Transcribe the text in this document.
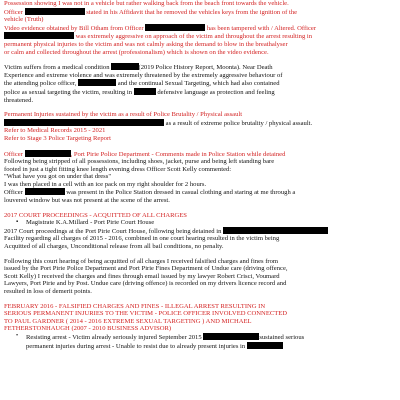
Possession showing I was not in a vehicle but rather walking back from the beach front towards the vehicle.

Officer	stated in his Affidavit that he removed the vehicles keys from the ignition of the

vehicle (Truth)

Video evidence obtained by Bill Otham from Officer	has been tampered with / Altered. Officer

was extremely aggressive on approach of the victim and throughout the arrest resulting in

permanent physical injuries to the victim and was not calmly asking the demand to blow in the breathalyser

or calm and collected throughout the arrest (professionalism) which is shown on the video evidence.

Victim suffers from a medical condition	(2019 Police History Report, Moonta). Near Death

Experience and extreme violence and was extremely threatened by the extremely aggressive behaviour of

the attending police officer,	and the continual Sexual Targeting, which had also contained

police as sexual targeting the victim, resulting in	defensive language as protection and feeling

threatened.

Permanent Injuries sustained by the victim as a result of Police Brutality / Physical assault

as a result of extreme police brutality / physical assault.

Refer to Medical Records 2015 - 2021

Refer to Stage 3 Police Targeting Report

Officer	, Port Pirie Police Department - Comments made in Police Station while detained

Following being stripped of all possessions, including shoes, jacket, purse and being left standing bare

footed in just a tight fitting knee length evening dress Officer Scott Kelly commented:

"What have you got on under that dress"

I was then placed in a cell with an ice pack on my right shoulder for 2 hours.

Officer	was present in the Police Station dressed in casual clothing and staring at me through a

louvered window but was not present at the scene of the arrest.

2017 COURT PROCEEDINGS - ACQUITTED OF ALL CHARGES

▪ Magistrate K.A.Millard - Port Pirie Court House

2017 Court proceedings at the Port Pirie Court House, following being detained in

Facility regarding all charges of 2015 - 2016, combined in one court hearing resulted in the victim being

Acquitted of all charges, Unconditional release from all bail conditions, no penalty.

Following this court hearing of being acquitted of all charges I received falsified charges and fines from

issued by the Port Pirie Police Department and Port Pirie Fines Department of Undue care (driving offence,

Scott Kelly) I received the charges and fines through email issued by my lawyer Robert Crisci, Voumard

Lawyers, Port Pirie and by Post. Undue care (driving offence) is recorded on my drivers licence record and

resulted in loss of demerit points.

FEBRUARY 2016 - FALSIFIED CHARGES AND FINES - ILLEGAL ARREST RESULTING IN

SERIOUS PERMANENT INJURIES TO THE VICTIM - POLICE OFFICER INVOLVED CONNECTED

TO PAUL GARDNER ( 2014 - 2016 EXTREME SEXUAL TARGETING ) AND MICHAEL

FETHERSTONHAUGH (2007 - 2010 BUSINESS ADVISOR)

• Resisting arrest - Victim already seriously injured September 2015	sustained serious

permanent injuries during arrest - Unable to resist due to already present injuries in
